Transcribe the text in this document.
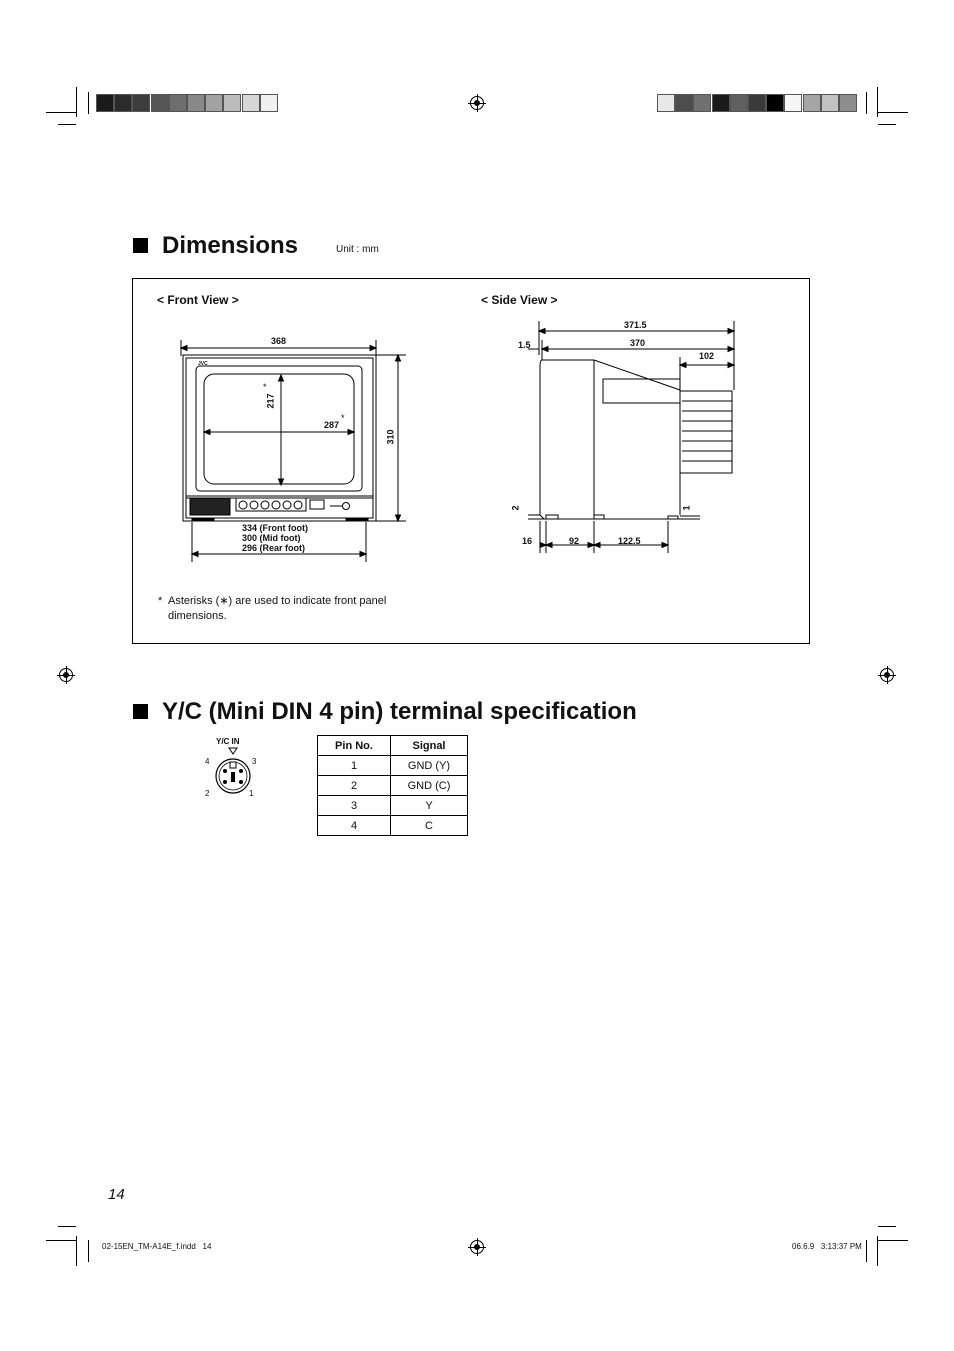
Dimensions	Unit : mm
< Front View >	< Side View >
368
JVC
217
*
287
*
310
334 (Front foot)
300 (Mid foot)
296 (Rear foot)
371.5
1.5	370
102
2	1
16	92	122.5
* Asterisks (∗) are used to indicate front panel
dimensions.
Y/C (Mini DIN 4 pin) terminal specification
Y/C IN
4	3
2	1
Pin No.	Signal
1	GND (Y)
2	GND (C)
3	Y
4	C
14
02-15EN_TM-A14E_f.indd   14	06.6.9   3:13:37 PM
